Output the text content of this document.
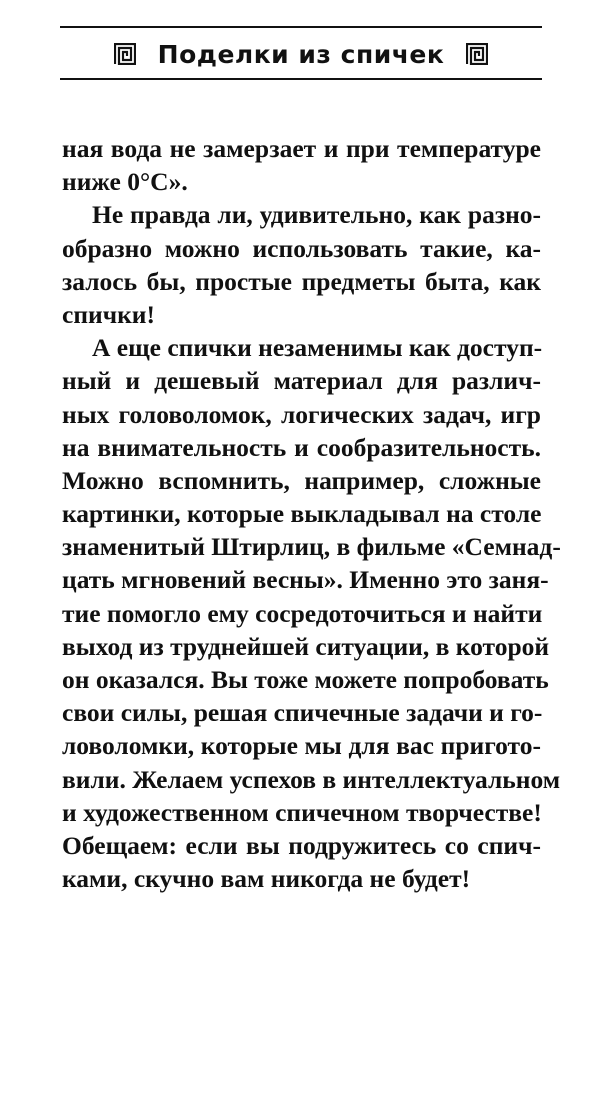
Поделки из спичек
ная вода не замерзает и при температуре
ниже 0°С».
Не правда ли, удивительно, как разно-
образно можно использовать такие, ка-
залось бы, простые предметы быта, как
спички!
А еще спички незаменимы как доступ-
ный и дешевый материал для различ-
ных головоломок, логических задач, игр
на внимательность и сообразительность.
Можно вспомнить, например, сложные
картинки, которые выкладывал на столе
знаменитый Штирлиц, в фильме «Семнад-
цать мгновений весны». Именно это заня-
тие помогло ему сосредоточиться и найти
выход из труднейшей ситуации, в которой
он оказался. Вы тоже можете попробовать
свои силы, решая спичечные задачи и го-
ловоломки, которые мы для вас пригото-
вили. Желаем успехов в интеллектуальном
и художественном спичечном творчестве!
Обещаем: если вы подружитесь со спич-
ками, скучно вам никогда не будет!
